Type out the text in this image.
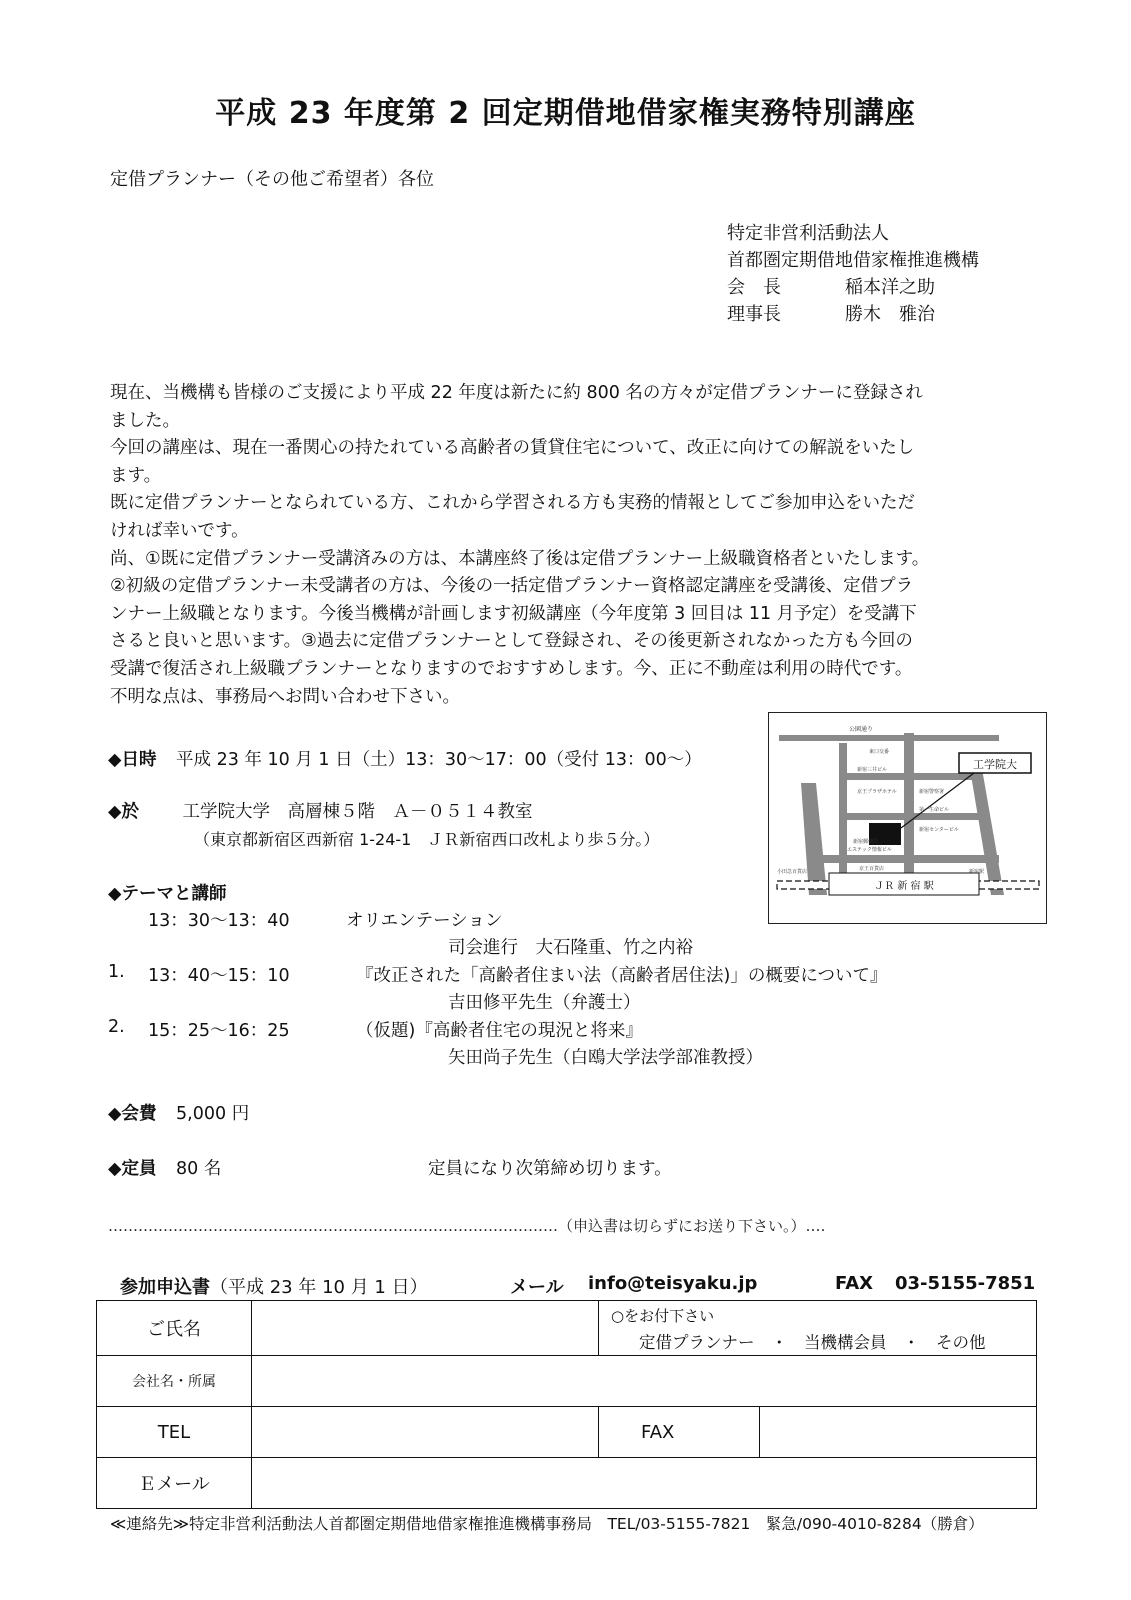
平成 23 年度第 2 回定期借地借家権実務特別講座
定借プランナー（その他ご希望者）各位
特定非営利活動法人
首都圏定期借地借家権推進機構
会　長	稲本洋之助
理事長	勝木　雅治
現在、当機構も皆様のご支援により平成 22 年度は新たに約 800 名の方々が定借プランナーに登録され
ました。
今回の講座は、現在一番関心の持たれている高齢者の賃貸住宅について、改正に向けての解説をいたし
ます。
既に定借プランナーとなられている方、これから学習される方も実務的情報としてご参加申込をいただ
ければ幸いです。
尚、①既に定借プランナー受講済みの方は、本講座終了後は定借プランナー上級職資格者といたします。
②初級の定借プランナー未受講者の方は、今後の一括定借プランナー資格認定講座を受講後、定借プラ
ンナー上級職となります。今後当機構が計画します初級講座（今年度第 3 回目は 11 月予定）を受講下
さると良いと思います。③過去に定借プランナーとして登録され、その後更新されなかった方も今回の
受講で復活され上級職プランナーとなりますのでおすすめします。今、正に不動産は利用の時代です。
不明な点は、事務局へお問い合わせ下さい。
◆日時 平成 23 年 10 月 1 日（土）13：30～17：00（受付 13：00～）
◆於 工学院大学　高層棟５階　Ａ－０５１４教室
（東京都新宿区西新宿 1-24-1　ＪＲ新宿西口改札より歩５分。）
◆テーマと講師
13：30～13：40	オリエンテーション
司会進行　大石隆重、竹之内裕
1. 13：40～15：10	『改正された「高齢者住まい法（高齢者居住法)」の概要について』
吉田修平先生（弁護士）
2. 15：25～16：25	（仮題)『高齢者住宅の現況と将来』
矢田尚子先生（白鴎大学法学部准教授）
◆会費 5,000 円
◆定員 80 名	定員になり次第締め切ります。
………………………………………………………………………………（申込書は切らずにお送り下さい。）‥‥
参加申込書（平成 23 年 10 月 1 日）	メール info@teisyaku.jp	FAX 03-5155-7851
ご氏名		○をお付下さい
定借プランナー　・　当機構会員　・　その他	

会社名・所属			
TEL		FAX	
Ｅメール			
工学院大
ＪＲ 新 宿 駅
公園通り
東口交番
新宿三井ビル
京王プラザホテル	新宿警察署
新宿センタービル
エステック情報ビル
新宿郵便局
小田急百貨店	京王百貨店	新宿駅
第一生命ビル
≪連絡先≫特定非営利活動法人首都圏定期借地借家権推進機構事務局　TEL/03-5155-7821　緊急/090-4010-8284（勝倉）
